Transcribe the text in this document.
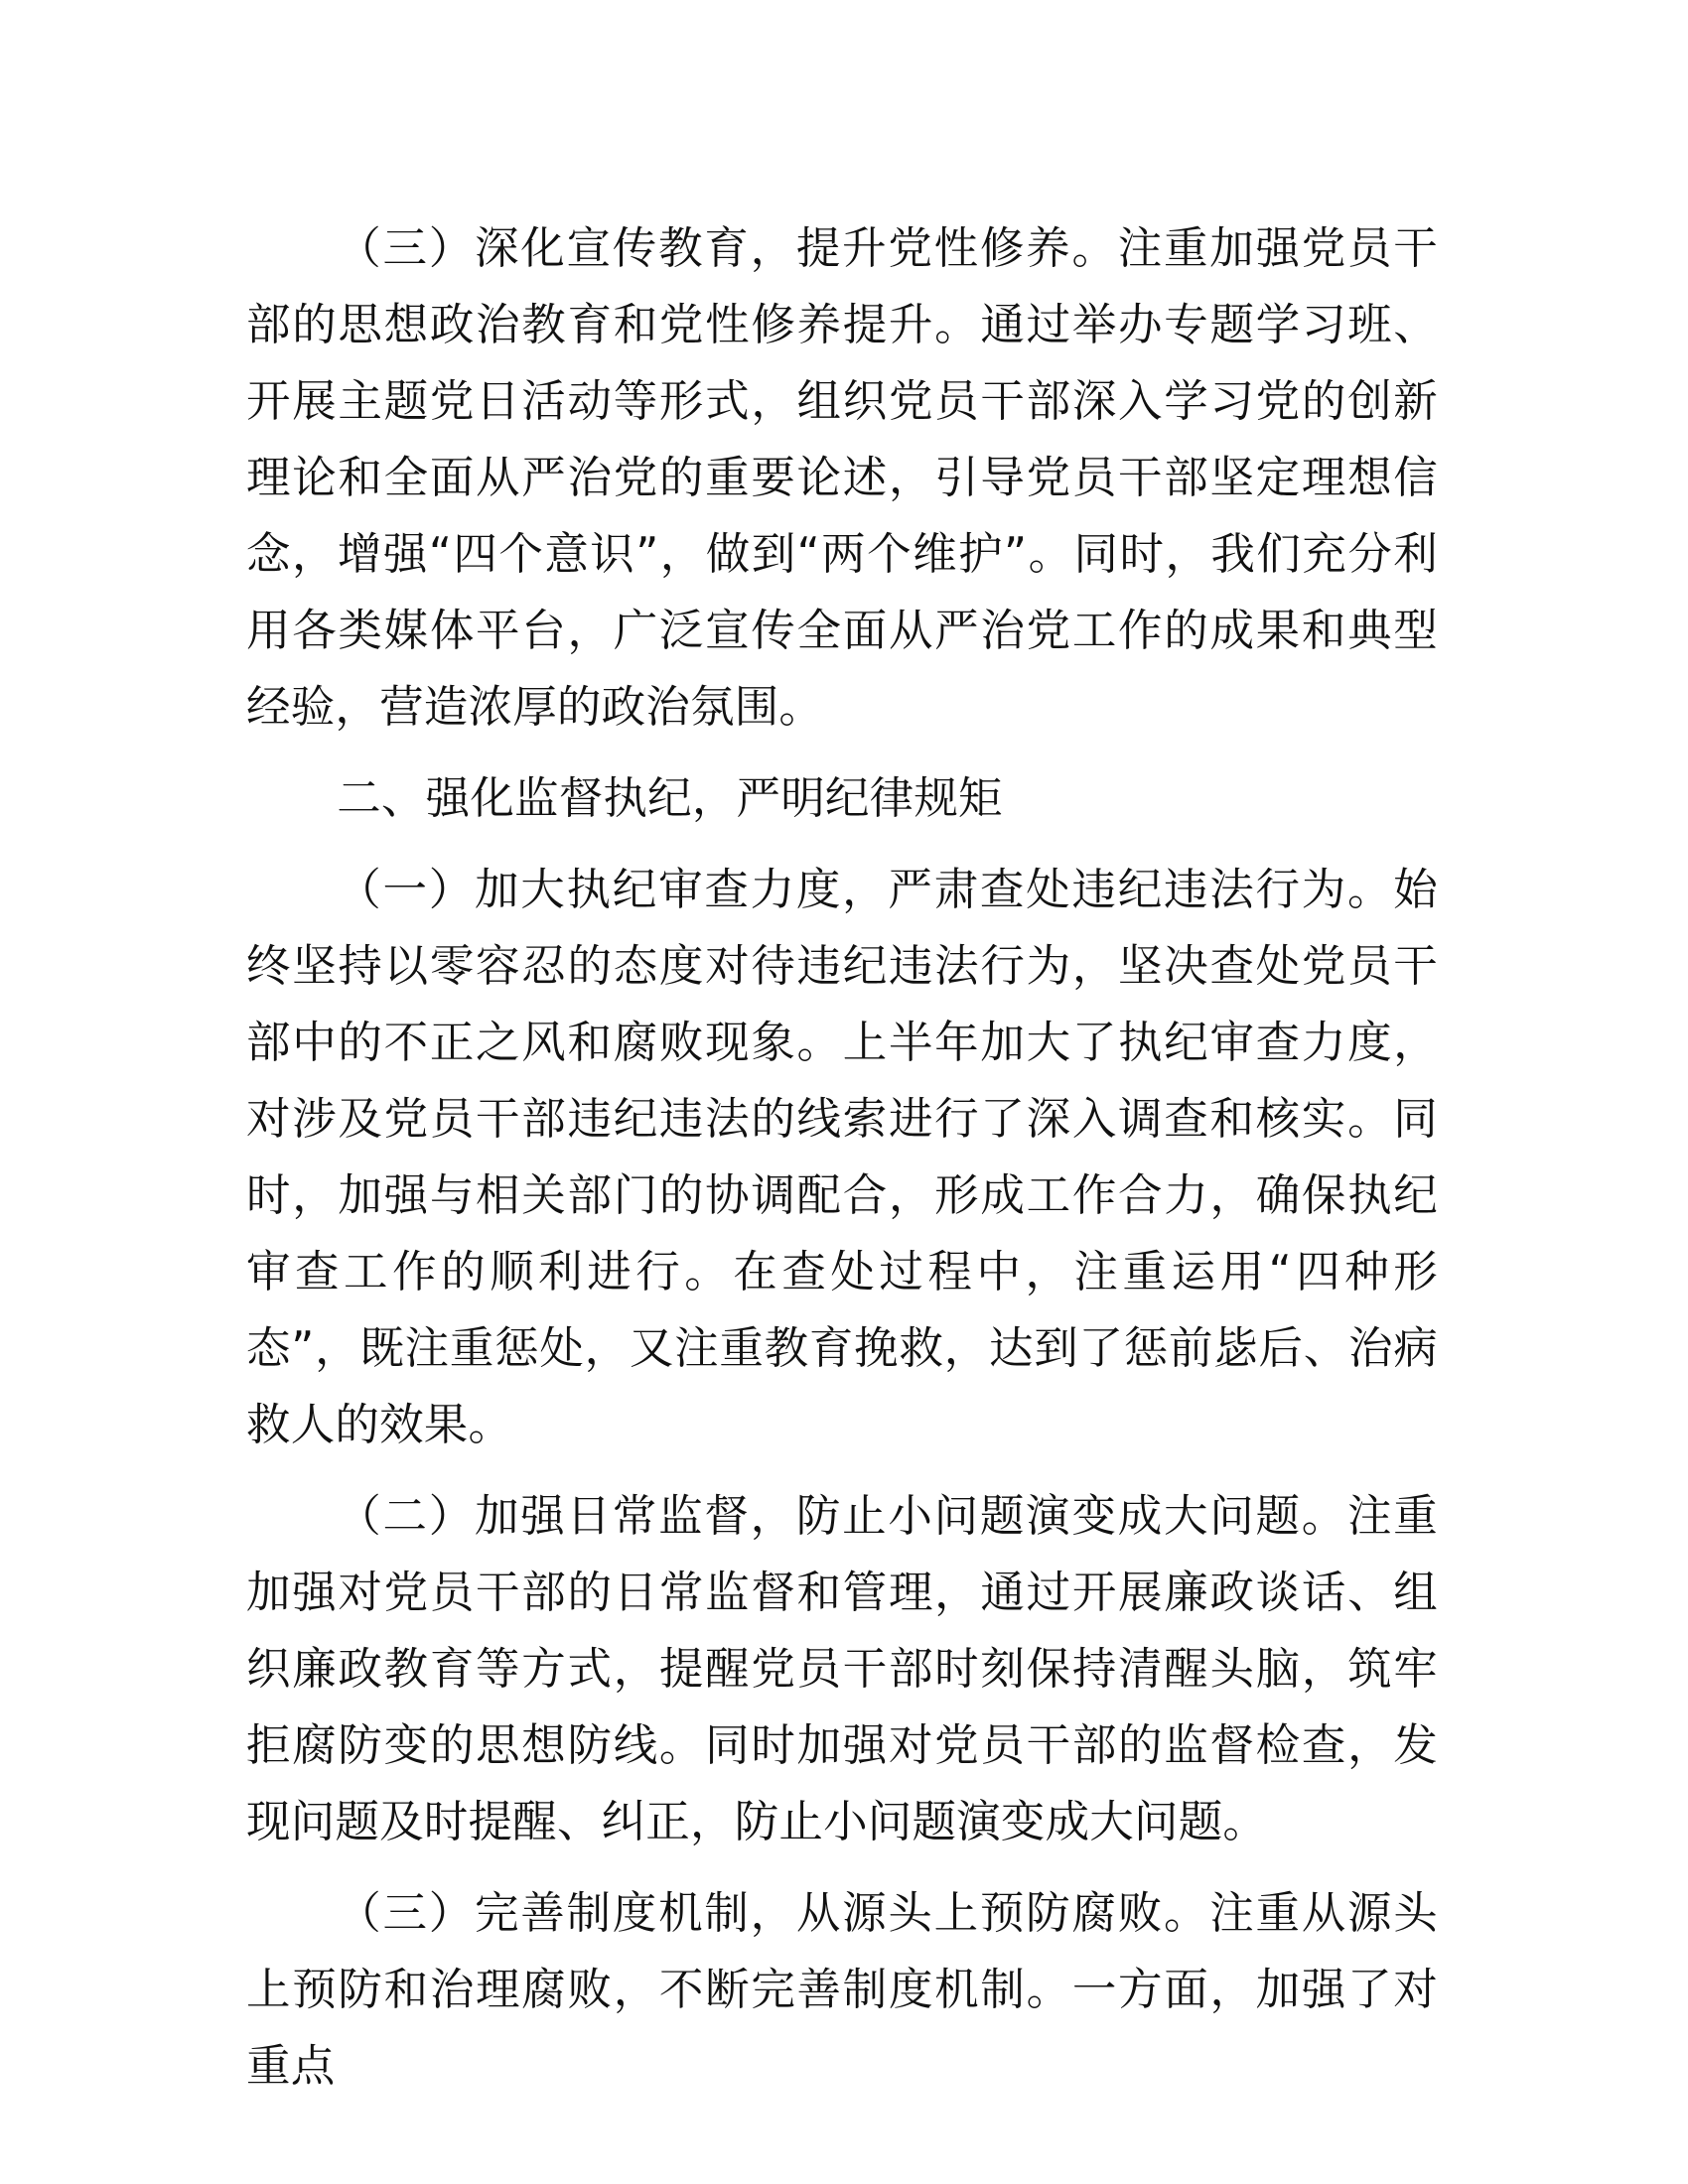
（三）深化宣传教育，提升党性修养。注重加强党员干部的思想政治教育和党性修养提升。通过举办专题学习班、开展主题党日活动等形式，组织党员干部深入学习党的创新理论和全面从严治党的重要论述，引导党员干部坚定理想信念，增强“四个意识”，做到“两个维护”。同时，我们充分利用各类媒体平台，广泛宣传全面从严治党工作的成果和典型经验，营造浓厚的政治氛围。

二、强化监督执纪，严明纪律规矩

（一）加大执纪审查力度，严肃查处违纪违法行为。始终坚持以零容忍的态度对待违纪违法行为，坚决查处党员干部中的不正之风和腐败现象。上半年加大了执纪审查力度，对涉及党员干部违纪违法的线索进行了深入调查和核实。同时，加强与相关部门的协调配合，形成工作合力，确保执纪审查工作的顺利进行。在查处过程中，注重运用“四种形态”，既注重惩处，又注重教育挽救，达到了惩前毖后、治病救人的效果。

（二）加强日常监督，防止小问题演变成大问题。注重加强对党员干部的日常监督和管理，通过开展廉政谈话、组织廉政教育等方式，提醒党员干部时刻保持清醒头脑，筑牢拒腐防变的思想防线。同时加强对党员干部的监督检查，发现问题及时提醒、纠正，防止小问题演变成大问题。

（三）完善制度机制，从源头上预防腐败。注重从源头上预防和治理腐败，不断完善制度机制。一方面，加强了对重点
